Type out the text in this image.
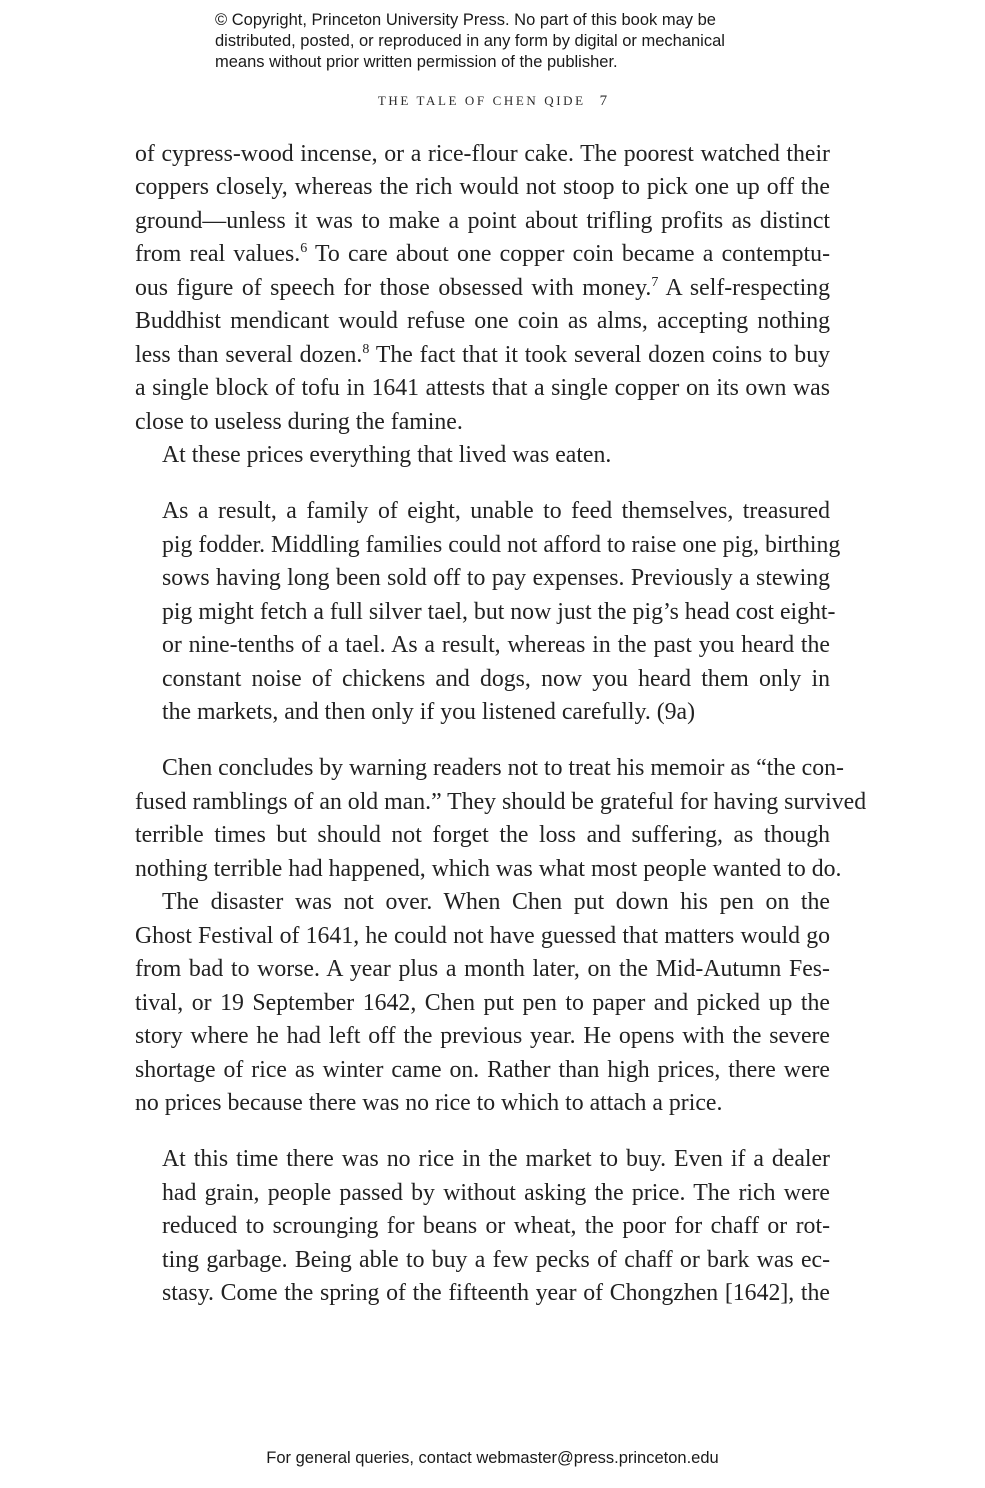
© Copyright, Princeton University Press. No part of this book may be
distributed, posted, or reproduced in any form by digital or mechanical
means without prior written permission of the publisher.
THE TALE OF CHEN QIDE 7
of cypress-wood incense, or a rice-flour cake. The poorest watched their
coppers closely, whereas the rich would not stoop to pick one up off the
ground—unless it was to make a point about trifling profits as distinct
from real values.$^6$ To care about one copper coin became a contemptu-
ous figure of speech for those obsessed with money.$^7$ A self-respecting
Buddhist mendicant would refuse one coin as alms, accepting nothing
less than several dozen.$^8$ The fact that it took several dozen coins to buy
a single block of tofu in 1641 attests that a single copper on its own was
close to useless during the famine.
At these prices everything that lived was eaten.
As a result, a family of eight, unable to feed themselves, treasured
pig fodder. Middling families could not afford to raise one pig, birthing
sows having long been sold off to pay expenses. Previously a stewing
pig might fetch a full silver tael, but now just the pig’s head cost eight-
or nine-tenths of a tael. As a result, whereas in the past you heard the
constant noise of chickens and dogs, now you heard them only in
the markets, and then only if you listened carefully. (9a)
Chen concludes by warning readers not to treat his memoir as “the con-
fused ramblings of an old man.” They should be grateful for having survived
terrible times but should not forget the loss and suffering, as though
nothing terrible had happened, which was what most people wanted to do.
The disaster was not over. When Chen put down his pen on the
Ghost Festival of 1641, he could not have guessed that matters would go
from bad to worse. A year plus a month later, on the Mid-Autumn Fes-
tival, or 19 September 1642, Chen put pen to paper and picked up the
story where he had left off the previous year. He opens with the severe
shortage of rice as winter came on. Rather than high prices, there were
no prices because there was no rice to which to attach a price.
At this time there was no rice in the market to buy. Even if a dealer
had grain, people passed by without asking the price. The rich were
reduced to scrounging for beans or wheat, the poor for chaff or rot-
ting garbage. Being able to buy a few pecks of chaff or bark was ec-
stasy. Come the spring of the fifteenth year of Chongzhen [1642], the
For general queries, contact webmaster@press.princeton.edu
